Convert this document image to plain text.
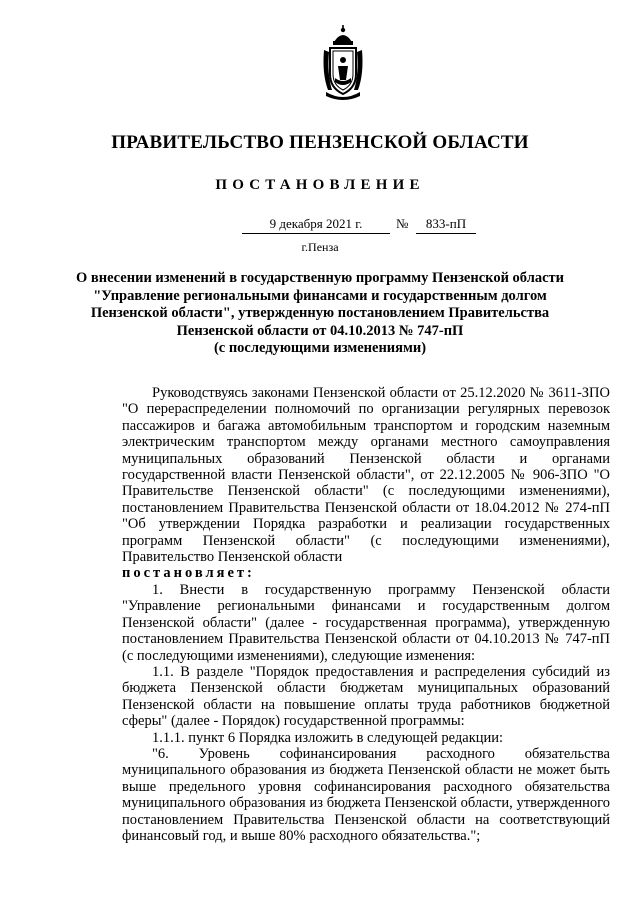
ПРАВИТЕЛЬСТВО ПЕНЗЕНСКОЙ ОБЛАСТИ
ПОСТАНОВЛЕНИЕ
9 декабря 2021 г.	№	833-пП
г.Пенза
О внесении изменений в государственную программу Пензенской области
"Управление региональными финансами и государственным долгом
Пензенской области", утвержденную постановлением Правительства
Пензенской области от 04.10.2013 № 747-пП
(с последующими изменениями)

Руководствуясь законами Пензенской области от 25.12.2020 № 3611-ЗПО "О перераспределении полномочий по организации регулярных перевозок пассажиров и багажа автомобильным транспортом и городским наземным электрическим транспортом между органами местного самоуправления муниципальных образований Пензенской области и органами государственной власти Пензенской области", от 22.12.2005 № 906-ЗПО "О Правительстве Пензенской области" (с последующими изменениями), постановлением Правительства Пензенской области от 18.04.2012 № 274-пП "Об утверждении Порядка разработки и реализации государственных программ Пензенской области" (с последующими изменениями), Правительство Пензенской области

постановляет:

1. Внести в государственную программу Пензенской области "Управление региональными финансами и государственным долгом Пензенской области" (далее - государственная программа), утвержденную постановлением Правительства Пензенской области от 04.10.2013 № 747-пП (с последующими изменениями), следующие изменения:

1.1. В разделе "Порядок предоставления и распределения субсидий из бюджета Пензенской области бюджетам муниципальных образований Пензенской области на повышение оплаты труда работников бюджетной сферы" (далее - Порядок) государственной программы:

1.1.1. пункт 6 Порядка изложить в следующей редакции:

"6. Уровень софинансирования расходного обязательства муниципального образования из бюджета Пензенской области не может быть выше предельного уровня софинансирования расходного обязательства муниципального образования из бюджета Пензенской области, утвержденного постановлением Правительства Пензенской области на соответствующий финансовый год, и выше 80% расходного обязательства.";
